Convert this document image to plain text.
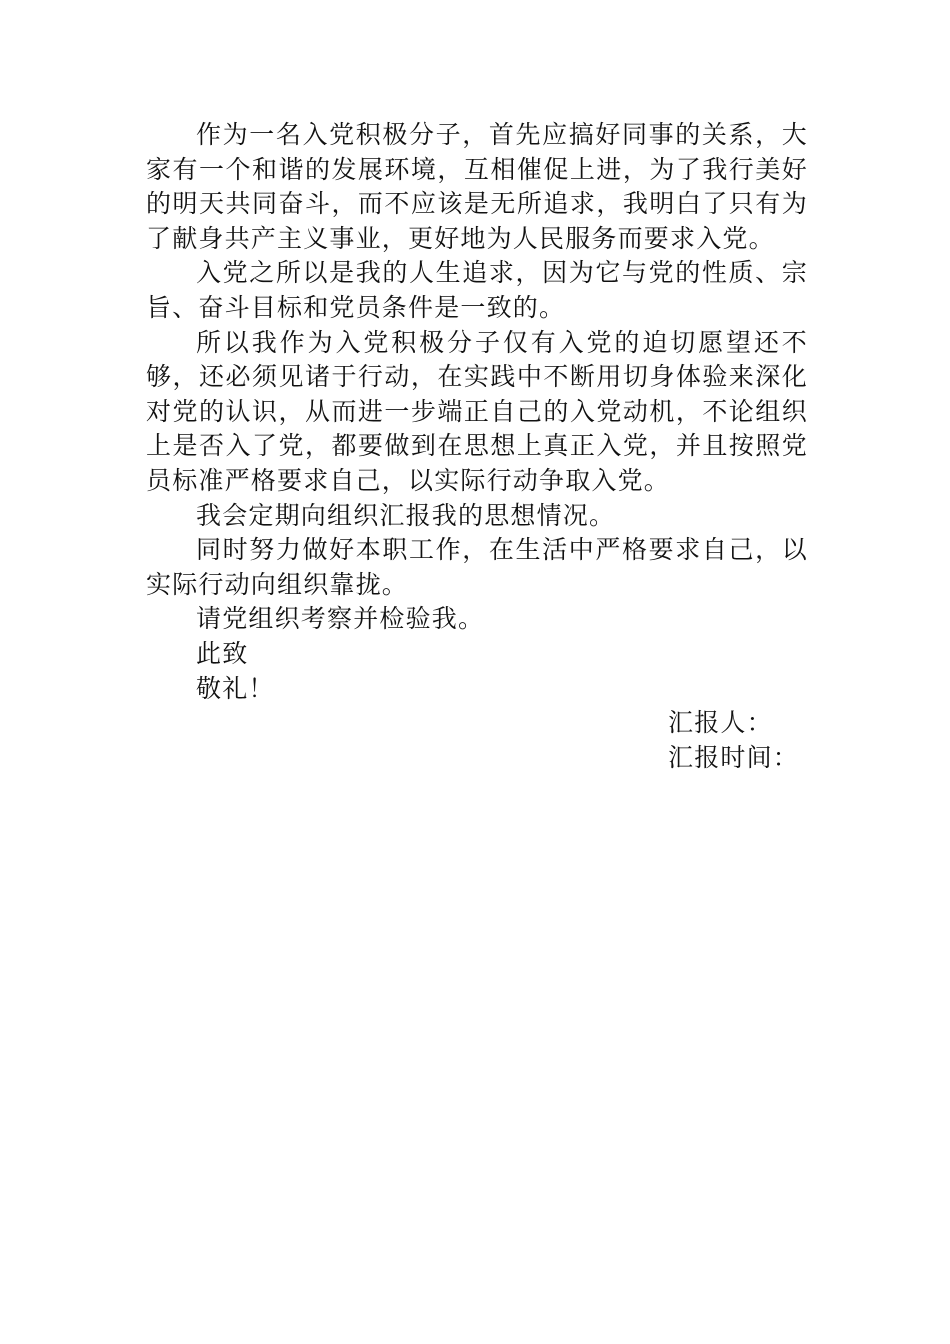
作为一名入党积极分子，首先应搞好同事的关系，大家有一个和谐的发展环境，互相催促上进，为了我行美好的明天共同奋斗，而不应该是无所追求，我明白了只有为了献身共产主义事业，更好地为人民服务而要求入党。

入党之所以是我的人生追求，因为它与党的性质、宗旨、奋斗目标和党员条件是一致的。

所以我作为入党积极分子仅有入党的迫切愿望还不够，还必须见诸于行动，在实践中不断用切身体验来深化对党的认识，从而进一步端正自己的入党动机，不论组织上是否入了党，都要做到在思想上真正入党，并且按照党员标准严格要求自己，以实际行动争取入党。

我会定期向组织汇报我的思想情况。

同时努力做好本职工作，在生活中严格要求自己，以实际行动向组织靠拢。

请党组织考察并检验我。

此致

敬礼！

汇报人：

汇报时间：
